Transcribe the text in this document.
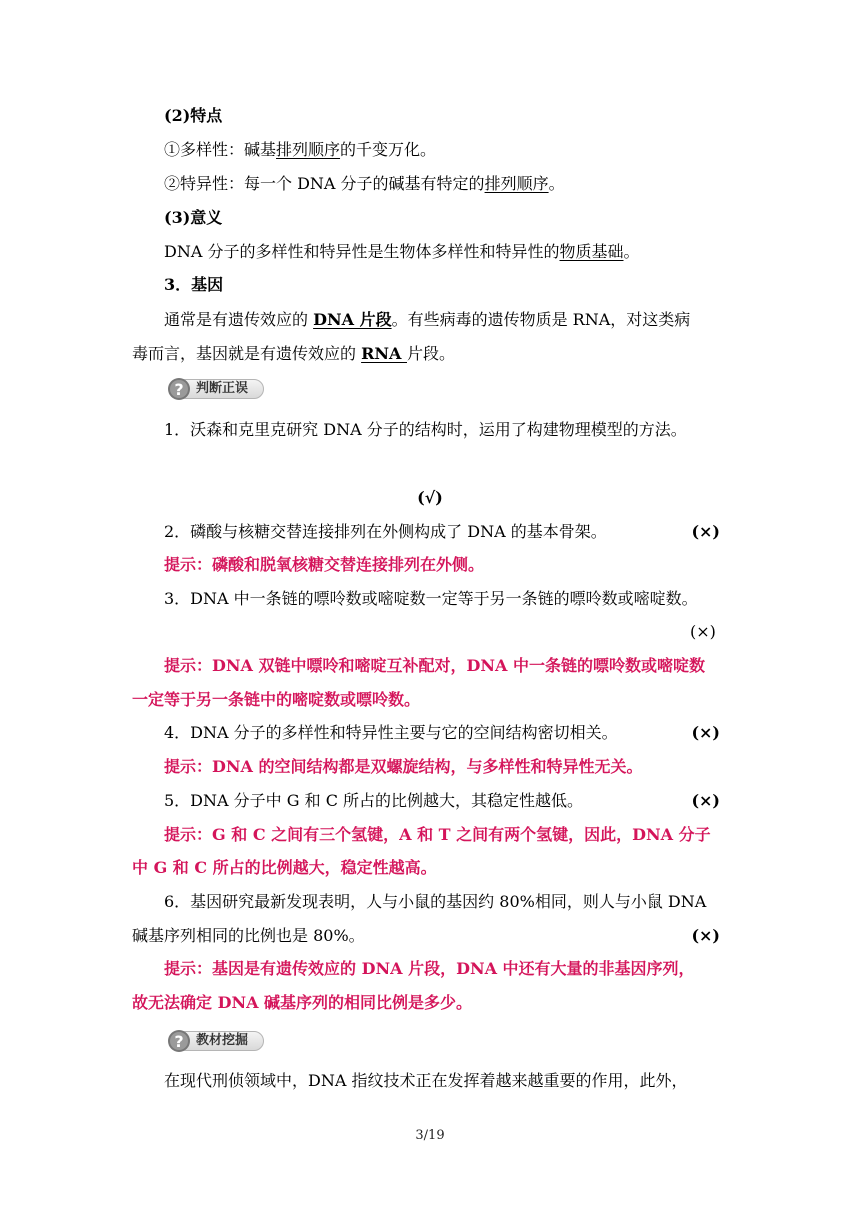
(2)特点
①多样性：碱基排列顺序的千变万化。
②特异性：每一个 DNA 分子的碱基有特定的排列顺序。
(3)意义
DNA 分子的多样性和特异性是生物体多样性和特异性的物质基础。
3．基因
通常是有遗传效应的 DNA 片段。有些病毒的遗传物质是 RNA，对这类病
毒而言，基因就是有遗传效应的 RNA 片段。
? 判断正误
1．沃森和克里克研究 DNA 分子的结构时，运用了构建物理模型的方法。
(√)
2．磷酸与核糖交替连接排列在外侧构成了 DNA 的基本骨架。	(×)
提示：磷酸和脱氧核糖交替连接排列在外侧。
3．DNA 中一条链的嘌呤数或嘧啶数一定等于另一条链的嘌呤数或嘧啶数。
(×)
提示：DNA 双链中嘌呤和嘧啶互补配对，DNA 中一条链的嘌呤数或嘧啶数
一定等于另一条链中的嘧啶数或嘌呤数。
4．DNA 分子的多样性和特异性主要与它的空间结构密切相关。	(×)
提示：DNA 的空间结构都是双螺旋结构，与多样性和特异性无关。
5．DNA 分子中 G 和 C 所占的比例越大，其稳定性越低。	(×)
提示：G 和 C 之间有三个氢键，A 和 T 之间有两个氢键，因此，DNA 分子
中 G 和 C 所占的比例越大，稳定性越高。
6．基因研究最新发现表明，人与小鼠的基因约 80%相同，则人与小鼠 DNA
碱基序列相同的比例也是 80%。	(×)
提示：基因是有遗传效应的 DNA 片段，DNA 中还有大量的非基因序列，
故无法确定 DNA 碱基序列的相同比例是多少。
? 教材挖掘
在现代刑侦领域中，DNA 指纹技术正在发挥着越来越重要的作用，此外，
3/19
